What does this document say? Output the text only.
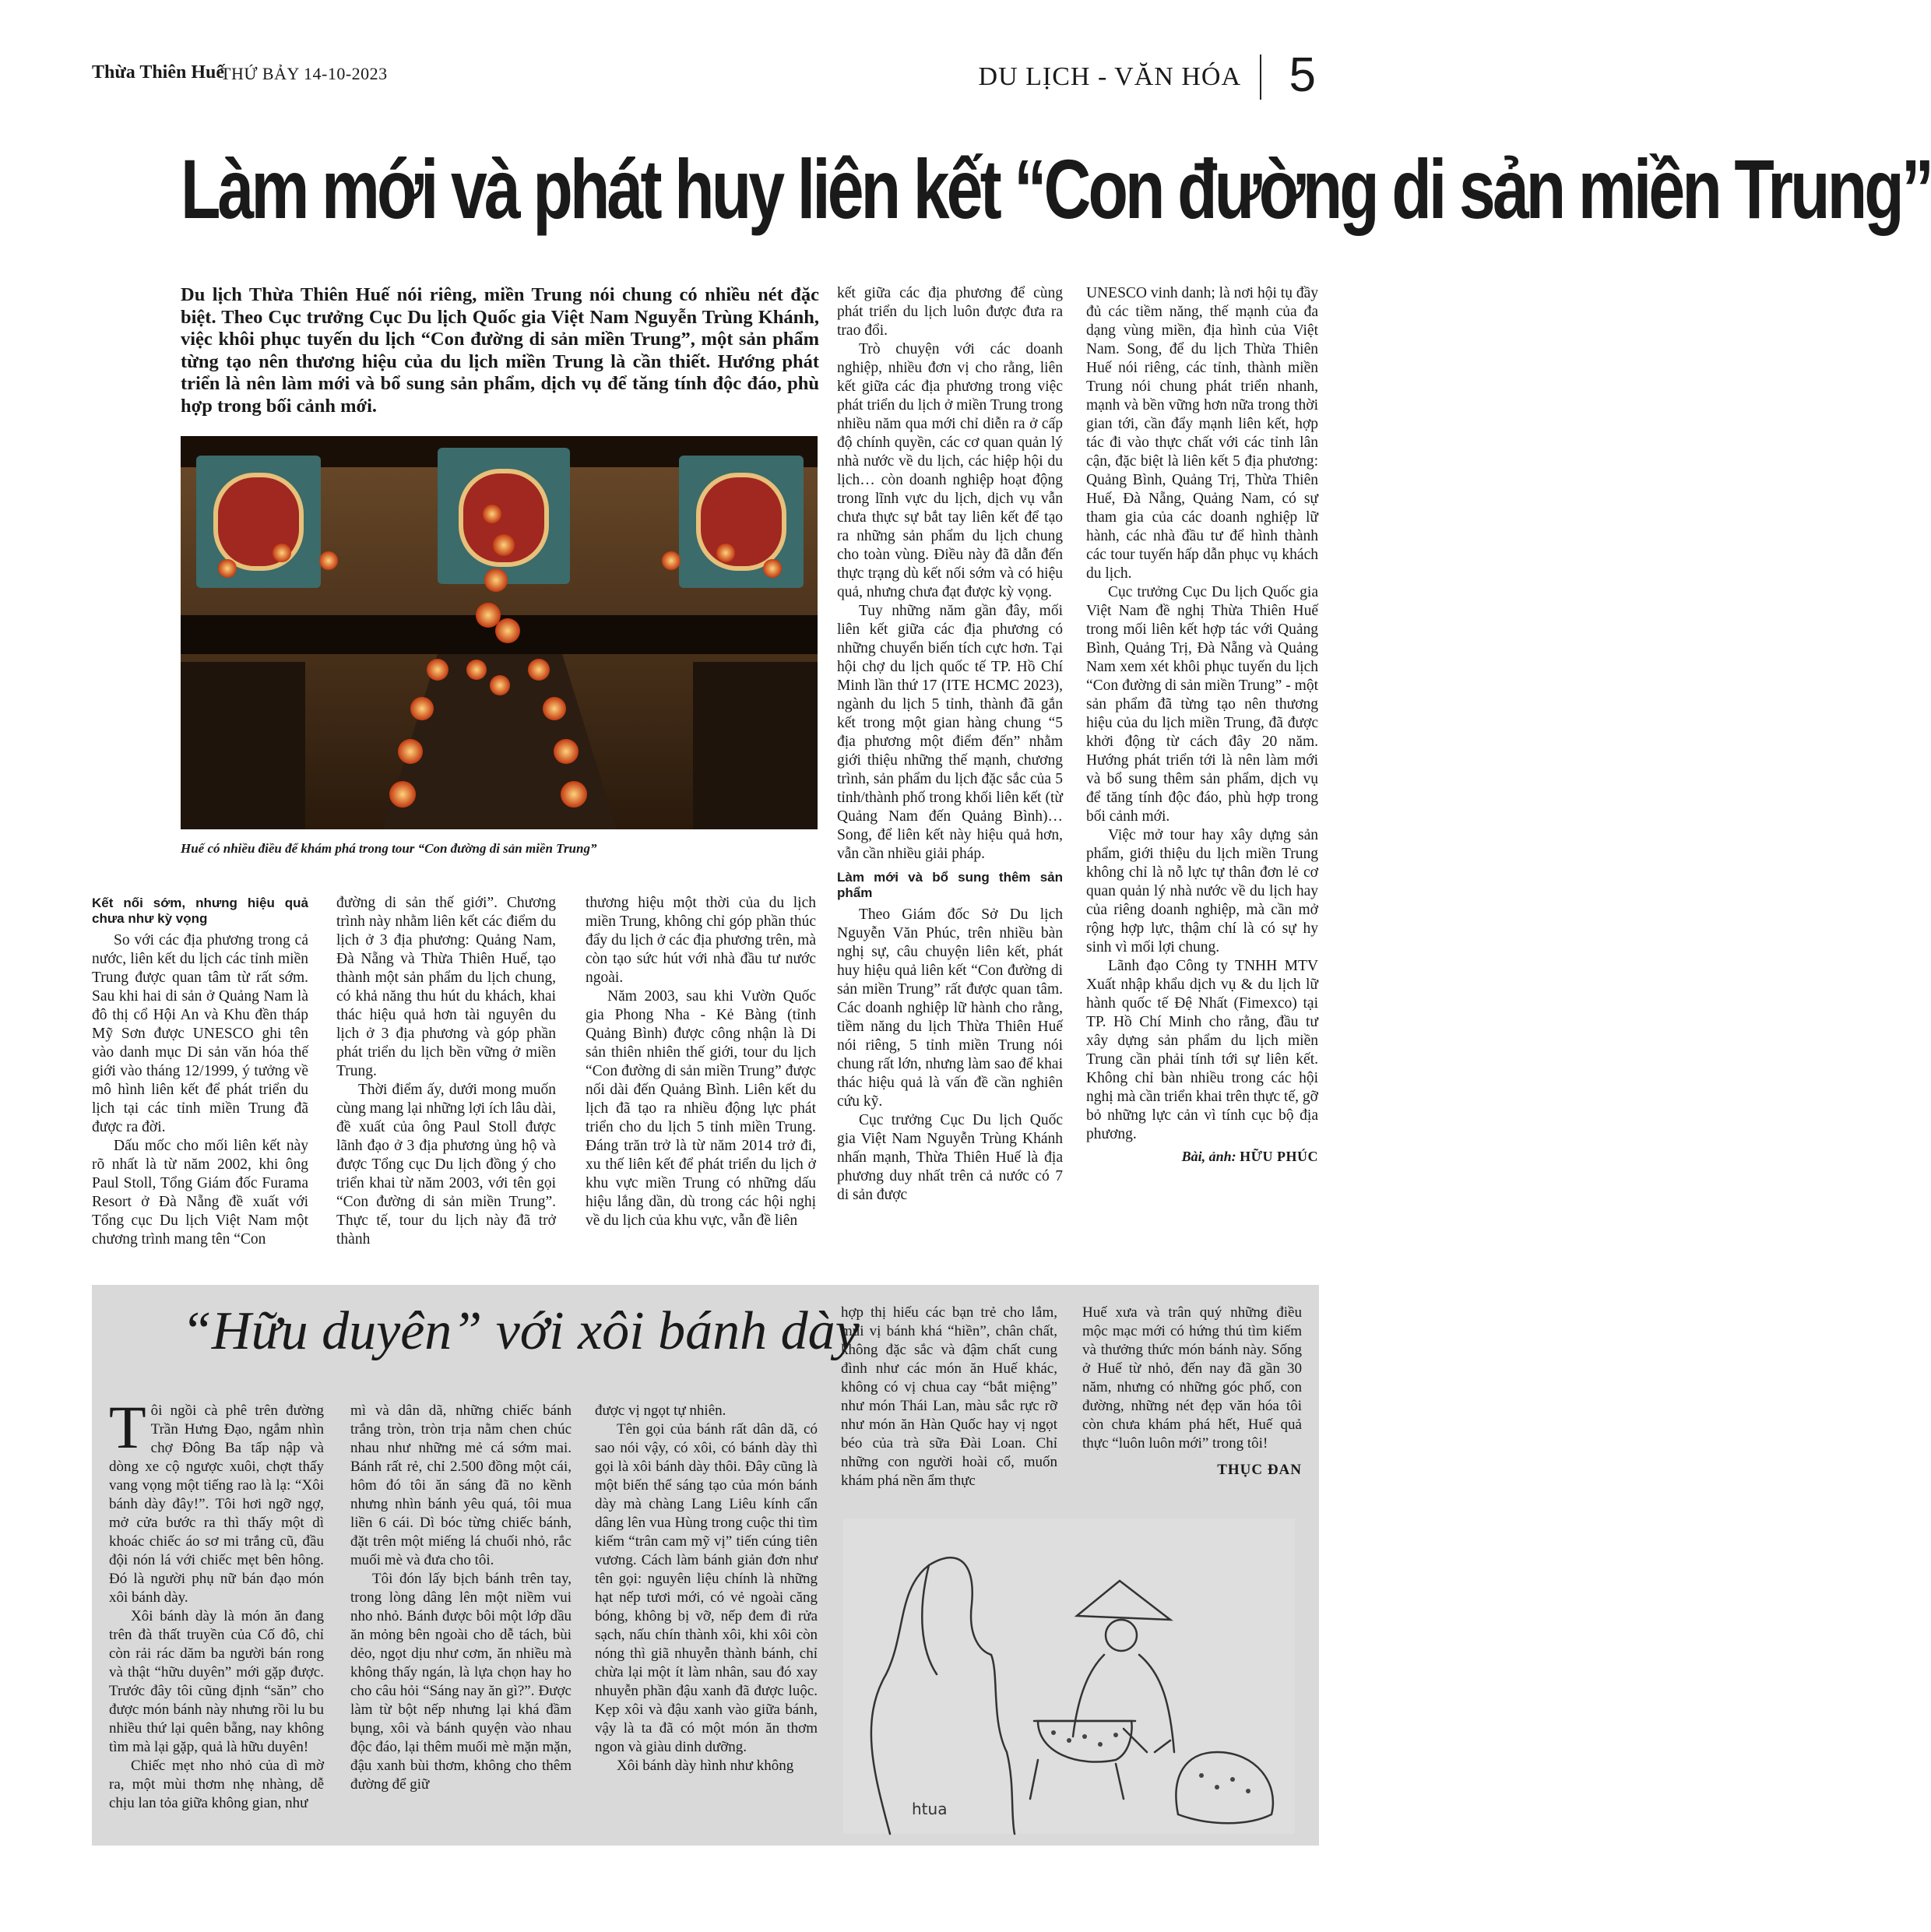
Thừa Thiên Huế
THỨ BẢY 14-10-2023	DU LỊCH - VĂN HÓA 5
Làm mới và phát huy liên kết “Con đường di sản miền Trung”
Du lịch Thừa Thiên Huế nói riêng, miền Trung nói chung có nhiều nét đặc biệt. Theo Cục trưởng Cục Du lịch Quốc gia Việt Nam Nguyễn Trùng Khánh, việc khôi phục tuyến du lịch “Con đường di sản miền Trung”, một sản phẩm từng tạo nên thương hiệu của du lịch miền Trung là cần thiết. Hướng phát triển là nên làm mới và bổ sung sản phẩm, dịch vụ để tăng tính độc đáo, phù hợp trong bối cảnh mới.
Huế có nhiều điều để khám phá trong tour “Con đường di sản miền Trung”
Kết nối sớm, nhưng hiệu quả chưa như kỳ vọng

So với các địa phương trong cả nước, liên kết du lịch các tỉnh miền Trung được quan tâm từ rất sớm. Sau khi hai di sản ở Quảng Nam là đô thị cổ Hội An và Khu đền tháp Mỹ Sơn được UNESCO ghi tên vào danh mục Di sản văn hóa thế giới vào tháng 12/1999, ý tưởng về mô hình liên kết để phát triển du lịch tại các tỉnh miền Trung đã được ra đời.

Dấu mốc cho mối liên kết này rõ nhất là từ năm 2002, khi ông Paul Stoll, Tổng Giám đốc Furama Resort ở Đà Nẵng đề xuất với Tổng cục Du lịch Việt Nam một chương trình mang tên “Con

đường di sản thế giới”. Chương trình này nhằm liên kết các điểm du lịch ở 3 địa phương: Quảng Nam, Đà Nẵng và Thừa Thiên Huế, tạo thành một sản phẩm du lịch chung, có khả năng thu hút du khách, khai thác hiệu quả hơn tài nguyên du lịch ở 3 địa phương và góp phần phát triển du lịch bền vững ở miền Trung.

Thời điểm ấy, dưới mong muốn cùng mang lại những lợi ích lâu dài, đề xuất của ông Paul Stoll được lãnh đạo ở 3 địa phương ủng hộ và được Tổng cục Du lịch đồng ý cho triển khai từ năm 2003, với tên gọi “Con đường di sản miền Trung”. Thực tế, tour du lịch này đã trở thành

thương hiệu một thời của du lịch miền Trung, không chỉ góp phần thúc đẩy du lịch ở các địa phương trên, mà còn tạo sức hút với nhà đầu tư nước ngoài.

Năm 2003, sau khi Vườn Quốc gia Phong Nha - Kẻ Bàng (tỉnh Quảng Bình) được công nhận là Di sản thiên nhiên thế giới, tour du lịch “Con đường di sản miền Trung” được nối dài đến Quảng Bình. Liên kết du lịch đã tạo ra nhiều động lực phát triển cho du lịch 5 tỉnh miền Trung. Đáng trăn trở là từ năm 2014 trở đi, xu thế liên kết để phát triển du lịch ở khu vực miền Trung có những dấu hiệu lắng dần, dù trong các hội nghị về du lịch của khu vực, vẫn đề liên

kết giữa các địa phương để cùng phát triển du lịch luôn được đưa ra trao đổi.

Trò chuyện với các doanh nghiệp, nhiều đơn vị cho rằng, liên kết giữa các địa phương trong việc phát triển du lịch ở miền Trung trong nhiều năm qua mới chỉ diễn ra ở cấp độ chính quyền, các cơ quan quản lý nhà nước về du lịch, các hiệp hội du lịch… còn doanh nghiệp hoạt động trong lĩnh vực du lịch, dịch vụ vẫn chưa thực sự bắt tay liên kết để tạo ra những sản phẩm du lịch chung cho toàn vùng. Điều này đã dẫn đến thực trạng dù kết nối sớm và có hiệu quả, nhưng chưa đạt được kỳ vọng.

Tuy những năm gần đây, mối liên kết giữa các địa phương có những chuyển biến tích cực hơn. Tại hội chợ du lịch quốc tế TP. Hồ Chí Minh lần thứ 17 (ITE HCMC 2023), ngành du lịch 5 tỉnh, thành đã gắn kết trong một gian hàng chung “5 địa phương một điểm đến” nhằm giới thiệu những thế mạnh, chương trình, sản phẩm du lịch đặc sắc của 5 tỉnh/thành phố trong khối liên kết (từ Quảng Nam đến Quảng Bình)… Song, để liên kết này hiệu quả hơn, vẫn cần nhiều giải pháp.

Làm mới và bổ sung thêm sản phẩm

Theo Giám đốc Sở Du lịch Nguyễn Văn Phúc, trên nhiều bàn nghị sự, câu chuyện liên kết, phát huy hiệu quả liên kết “Con đường di sản miền Trung” rất được quan tâm. Các doanh nghiệp lữ hành cho rằng, tiềm năng du lịch Thừa Thiên Huế nói riêng, 5 tỉnh miền Trung nói chung rất lớn, nhưng làm sao để khai thác hiệu quả là vấn đề cần nghiên cứu kỹ.

Cục trưởng Cục Du lịch Quốc gia Việt Nam Nguyễn Trùng Khánh nhấn mạnh, Thừa Thiên Huế là địa phương duy nhất trên cả nước có 7 di sản được

UNESCO vinh danh; là nơi hội tụ đầy đủ các tiềm năng, thế mạnh của đa dạng vùng miền, địa hình của Việt Nam. Song, để du lịch Thừa Thiên Huế nói riêng, các tỉnh, thành miền Trung nói chung phát triển nhanh, mạnh và bền vững hơn nữa trong thời gian tới, cần đẩy mạnh liên kết, hợp tác đi vào thực chất với các tỉnh lân cận, đặc biệt là liên kết 5 địa phương: Quảng Bình, Quảng Trị, Thừa Thiên Huế, Đà Nẵng, Quảng Nam, có sự tham gia của các doanh nghiệp lữ hành, các nhà đầu tư để hình thành các tour tuyến hấp dẫn phục vụ khách du lịch.

Cục trưởng Cục Du lịch Quốc gia Việt Nam đề nghị Thừa Thiên Huế trong mối liên kết hợp tác với Quảng Bình, Quảng Trị, Đà Nẵng và Quảng Nam xem xét khôi phục tuyến du lịch “Con đường di sản miền Trung” - một sản phẩm đã từng tạo nên thương hiệu của du lịch miền Trung, đã được khởi động từ cách đây 20 năm. Hướng phát triển tới là nên làm mới và bổ sung thêm sản phẩm, dịch vụ để tăng tính độc đáo, phù hợp trong bối cảnh mới.

Việc mở tour hay xây dựng sản phẩm, giới thiệu du lịch miền Trung không chỉ là nỗ lực tự thân đơn lẻ cơ quan quản lý nhà nước về du lịch hay của riêng doanh nghiệp, mà cần mở rộng hợp lực, thậm chí là có sự hy sinh vì mối lợi chung.

Lãnh đạo Công ty TNHH MTV Xuất nhập khẩu dịch vụ & du lịch lữ hành quốc tế Đệ Nhất (Fimexco) tại TP. Hồ Chí Minh cho rằng, đầu tư xây dựng sản phẩm du lịch miền Trung cần phải tính tới sự liên kết. Không chỉ bàn nhiều trong các hội nghị mà cần triển khai trên thực tế, gỡ bỏ những lực cản vì tính cục bộ địa phương.

Bài, ảnh: HỮU PHÚC
“Hữu duyên” với xôi bánh dày

Tôi ngồi cà phê trên đường Trần Hưng Đạo, ngắm nhìn chợ Đông Ba tấp nập và dòng xe cộ ngược xuôi, chợt thấy vang vọng một tiếng rao là lạ: “Xôi bánh dày đây!”. Tôi hơi ngỡ ngợ, mở cửa bước ra thì thấy một dì khoác chiếc áo sơ mi trắng cũ, đầu đội nón lá với chiếc mẹt bên hông. Đó là người phụ nữ bán đạo món xôi bánh dày.

Xôi bánh dày là món ăn đang trên đà thất truyền của Cố đô, chỉ còn rải rác dăm ba người bán rong và thật “hữu duyên” mới gặp được. Trước đây tôi cũng định “săn” cho được món bánh này nhưng rồi lu bu nhiều thứ lại quên bẵng, nay không tìm mà lại gặp, quả là hữu duyên!

Chiếc mẹt nho nhỏ của dì mờ ra, một mùi thơm nhẹ nhàng, dễ chịu lan tỏa giữa không gian, như

mì và dân dã, những chiếc bánh trắng tròn, tròn trịa nằm chen chúc nhau như những mẻ cá sớm mai. Bánh rất rẻ, chỉ 2.500 đồng một cái, hôm đó tôi ăn sáng đã no kềnh nhưng nhìn bánh yêu quá, tôi mua liền 6 cái. Dì bóc từng chiếc bánh, đặt trên một miếng lá chuối nhỏ, rắc muối mè và đưa cho tôi.

Tôi đón lấy bịch bánh trên tay, trong lòng dâng lên một niềm vui nho nhỏ. Bánh được bôi một lớp dầu ăn mỏng bên ngoài cho dễ tách, bùi dẻo, ngọt dịu như cơm, ăn nhiều mà không thấy ngán, là lựa chọn hay ho cho câu hỏi “Sáng nay ăn gì?”. Được làm từ bột nếp nhưng lại khá đầm bụng, xôi và bánh quyện vào nhau độc đáo, lại thêm muối mè mặn mặn, đậu xanh bùi thơm, không cho thêm đường để giữ

được vị ngọt tự nhiên.

Tên gọi của bánh rất dân dã, có sao nói vậy, có xôi, có bánh dày thì gọi là xôi bánh dày thôi. Đây cũng là một biến thể sáng tạo của món bánh dày mà chàng Lang Liêu kính cẩn dâng lên vua Hùng trong cuộc thi tìm kiếm “trân cam mỹ vị” tiến cúng tiên vương. Cách làm bánh giản đơn như tên gọi: nguyên liệu chính là những hạt nếp tươi mới, có vẻ ngoài căng bóng, không bị vỡ, nếp đem đi rửa sạch, nấu chín thành xôi, khi xôi còn nóng thì giã nhuyễn thành bánh, chỉ chừa lại một ít làm nhân, sau đó xay nhuyễn phần đậu xanh đã được luộc. Kẹp xôi và đậu xanh vào giữa bánh, vậy là ta đã có một món ăn thơm ngon và giàu dinh dưỡng.

Xôi bánh dày hình như không

hợp thị hiếu các bạn trẻ cho lắm, mùi vị bánh khá “hiền”, chân chất, không đặc sắc và đậm chất cung đình như các món ăn Huế khác, không có vị chua cay “bắt miệng” như món Thái Lan, màu sắc rực rỡ như món ăn Hàn Quốc hay vị ngọt béo của trà sữa Đài Loan. Chỉ những con người hoài cổ, muốn khám phá nền ẩm thực

Huế xưa và trân quý những điều mộc mạc mới có hứng thú tìm kiếm và thưởng thức món bánh này. Sống ở Huế từ nhỏ, đến nay đã gần 30 năm, nhưng có những góc phố, con đường, những nét đẹp văn hóa tôi còn chưa khám phá hết, Huế quả thực “luôn luôn mới” trong tôi!

THỤC ĐAN
htua
